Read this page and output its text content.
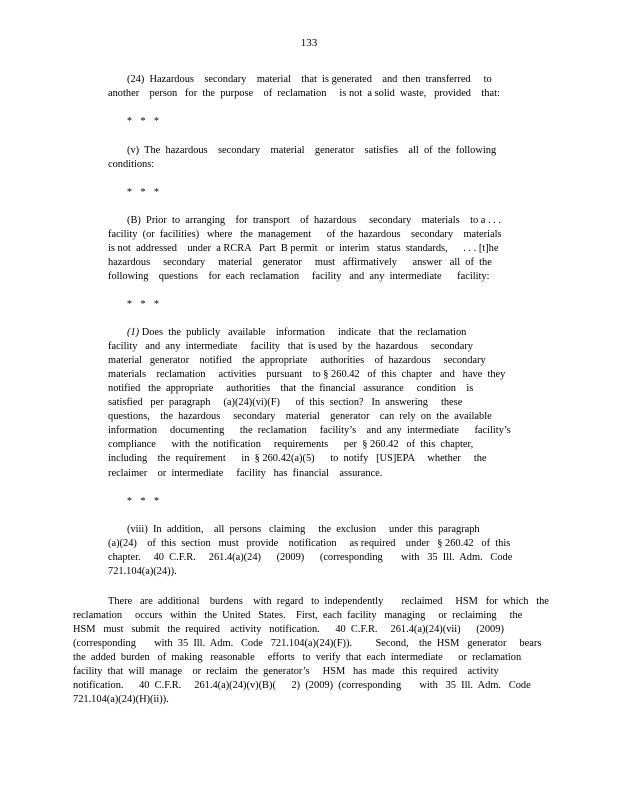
133
(24)  Hazardous    secondary    material    that  is generated    and  then  transferred     to
another    person   for  the  purpose    of  reclamation     is not  a solid  waste,   provided    that:
* * *
(v)  The  hazardous    secondary    material    generator    satisfies    all  of  the  following
conditions:
* * *
(B)  Prior  to  arranging    for  transport    of  hazardous     secondary    materials    to a . . .
facility  (or  facilities)   where   the  management      of  the  hazardous    secondary    materials
is not  addressed    under  a RCRA   Part  B permit   or  interim   status  standards,      . . . [t]he
hazardous     secondary     material    generator     must   affirmatively      answer   all  of  the
following    questions    for  each  reclamation     facility   and  any  intermediate      facility:
* * *
(1) Does  the  publicly   available    information     indicate   that  the  reclamation
facility   and  any  intermediate     facility   that  is used  by  the  hazardous     secondary
material   generator    notified    the  appropriate     authorities    of  hazardous     secondary
materials    reclamation     activities    pursuant    to § 260.42   of  this  chapter   and   have  they
notified   the  appropriate     authorities    that  the  financial   assurance     condition    is
satisfied   per  paragraph     (a)(24)(vi)(F)      of  this  section?   In  answering     these
questions,    the  hazardous     secondary    material    generator    can  rely  on  the  available
information     documenting      the  reclamation     facility’s    and  any  intermediate      facility’s
compliance      with  the  notification     requirements      per  § 260.42   of  this  chapter,
including    the  requirement      in  § 260.42(a)(5)      to  notify   [US]EPA     whether     the
reclaimer    or  intermediate     facility   has  financial    assurance.
* * *
(viii)  In  addition,    all  persons   claiming     the  exclusion     under  this  paragraph
(a)(24)    of  this  section   must   provide    notification     as required    under   § 260.42   of  this
chapter.     40  C.F.R.     261.4(a)(24)      (2009)      (corresponding       with   35  Ill.  Adm.   Code
721.104(a)(24)).
There   are  additional    burdens    with  regard   to  independently       reclaimed     HSM   for  which   the
reclamation     occurs   within   the  United   States.    First,  each  facility   managing     or  reclaiming     the
HSM   must   submit   the  required    activity   notification.      40  C.F.R.     261.4(a)(24)(vii)      (2009)
(corresponding       with  35  Ill.  Adm.   Code   721.104(a)(24)(F)).         Second,    the  HSM   generator     bears
the  added  burden   of  making   reasonable     efforts   to  verify  that  each  intermediate      or  reclamation
facility  that  will  manage    or  reclaim   the  generator’s     HSM   has  made   this  required    activity
notification.      40  C.F.R.     261.4(a)(24)(v)(B)(      2)  (2009)  (corresponding       with   35  Ill.  Adm.   Code
721.104(a)(24)(H)(ii)).
